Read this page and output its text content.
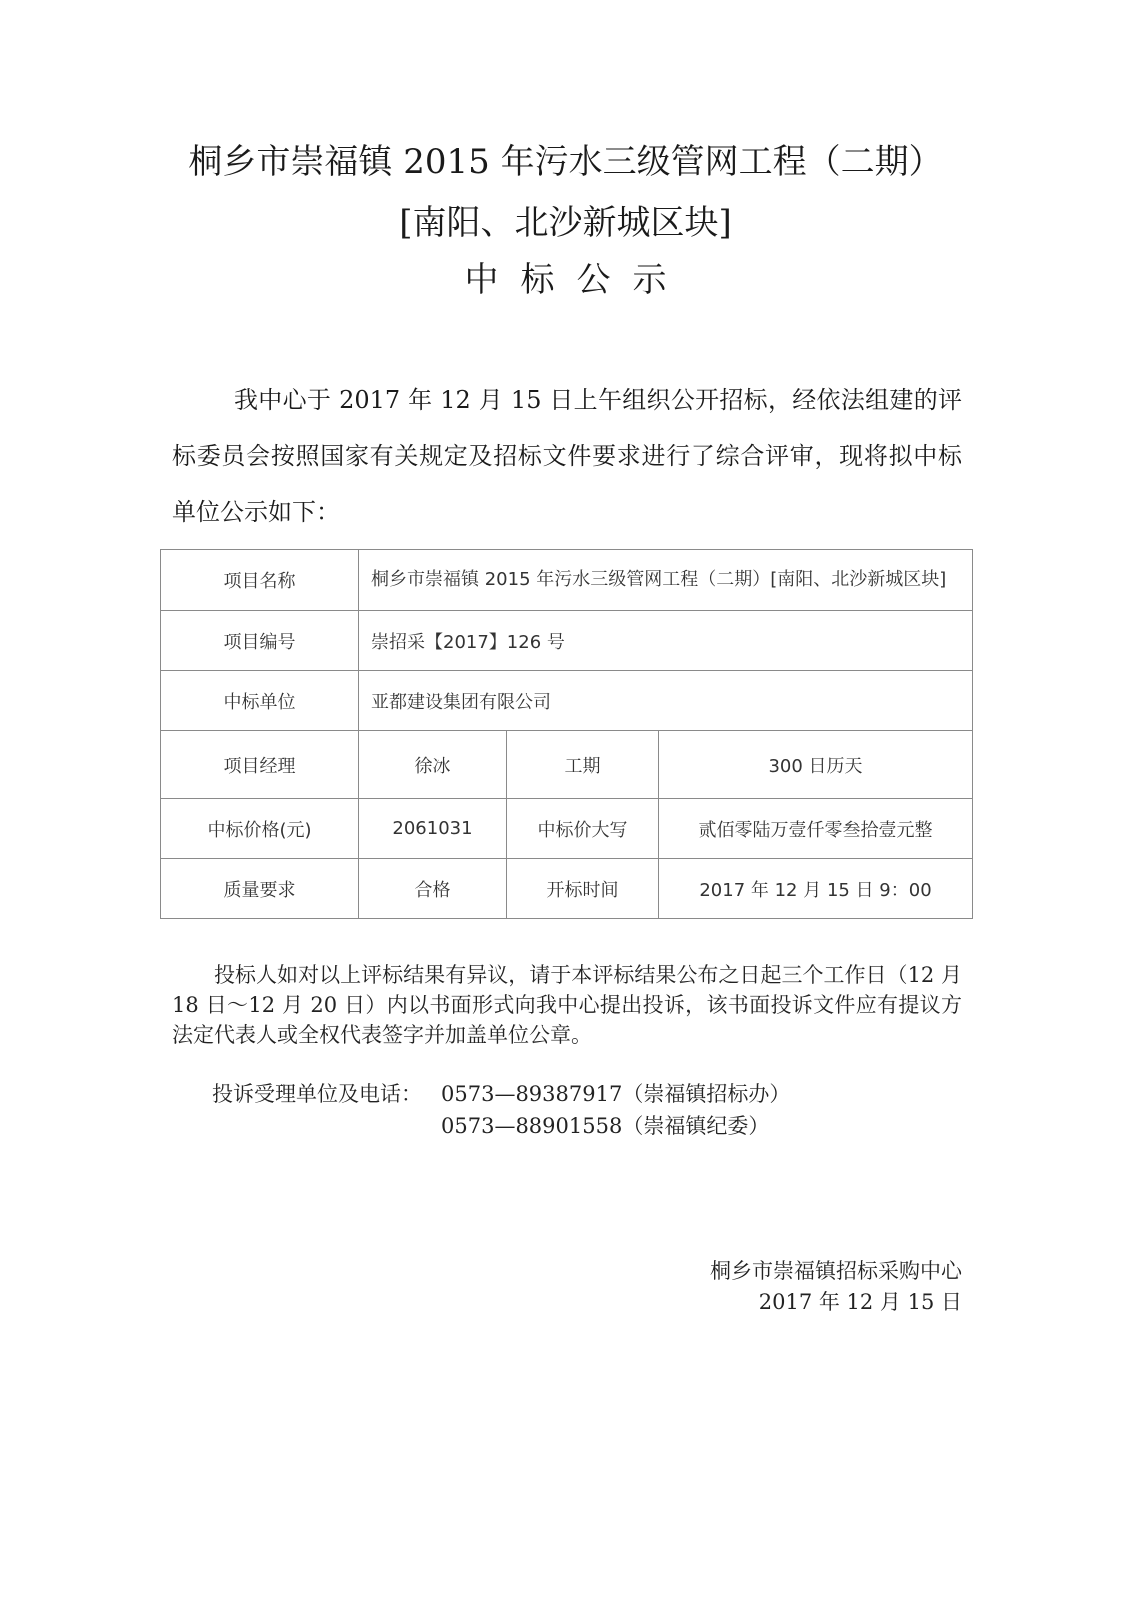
桐乡市崇福镇 2015 年污水三级管网工程（二期）
[南阳、北沙新城区块]
中标公示
我中心于 2017 年 12 月 15 日上午组织公开招标，经依法组建的评标委员会按照国家有关规定及招标文件要求进行了综合评审，现将拟中标单位公示如下：
项目名称	桐乡市崇福镇 2015 年污水三级管网工程（二期）[南阳、北沙新城区块]		
项目编号	崇招采【2017】126 号		
中标单位	亚都建设集团有限公司		
项目经理	徐冰	工期	300 日历天
中标价格(元)	2061031	中标价大写	贰佰零陆万壹仟零叁拾壹元整
质量要求	合格	开标时间	2017 年 12 月 15 日 9：00
投标人如对以上评标结果有异议，请于本评标结果公布之日起三个工作日（12 月 18 日～12 月 20 日）内以书面形式向我中心提出投诉，该书面投诉文件应有提议方法定代表人或全权代表签字并加盖单位公章。
投诉受理单位及电话： 0573—89387917（崇福镇招标办）
0573—88901558（崇福镇纪委）
桐乡市崇福镇招标采购中心
2017 年 12 月 15 日
